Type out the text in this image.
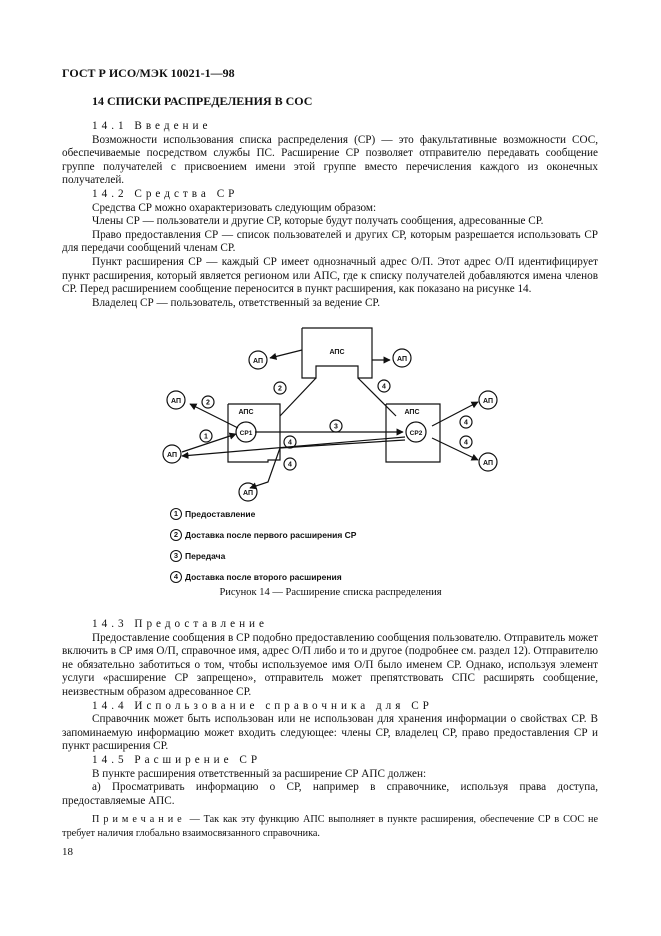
ГОСТ Р ИСО/МЭК 10021-1—98
14 СПИСКИ РАСПРЕДЕЛЕНИЯ В СОС

14.1 Введение

Возможности использования списка распределения (СР) — это факультативные возможности СОС, обеспечиваемые посредством службы ПС. Расширение СР позволяет отправителю передавать сообщение группе получателей с присвоением имени этой группе вместо перечисления каждого из оконечных получателей.

14.2 Средства СР

Средства СР можно охарактеризовать следующим образом:

Члены СР — пользователи и другие СР, которые будут получать сообщения, адресованные СР.

Право предоставления СР — список пользователей и других СР, которым разрешается использовать СР для передачи сообщений членам СР.

Пункт расширения СР — каждый СР имеет однозначный адрес О/П. Этот адрес О/П идентифицирует пункт расширения, который является регионом или АПС, где к списку получателей добавляются имена членов СР. Перед расширением сообщение переносится в пункт расширения, как показано на рисунке 14.

Владелец СР — пользователь, ответственный за ведение СР.

АПС
АПС	АПС
АП
АП
АП
АП	АП
АП
АП
СР1	СР2
2
1
2
3
4
4
4
4
4
1 Предоставление
2 Доставка после первого расширения СР
3 Передача
4 Доставка после второго расширения
Рисунок 14 — Расширение списка распределения

14.3 Предоставление

Предоставление сообщения в СР подобно предоставлению сообщения пользователю. Отправитель может включить в СР имя О/П, справочное имя, адрес О/П либо и то и другое (подробнее см. раздел 12). Отправителю не обязательно заботиться о том, чтобы используемое имя О/П было именем СР. Однако, используя элемент услуги «расширение СР запрещено», отправитель может препятствовать СПС расширять сообщение, неизвестным образом адресованное СР.

14.4 Использование справочника для СР

Справочник может быть использован или не использован для хранения информации о свойствах СР. В запоминаемую информацию может входить следующее: члены СР, владелец СР, право предоставления СР и пункт расширения СР.

14.5 Расширение СР

В пункте расширения ответственный за расширение СР АПС должен:

а) Просматривать информацию о СР, например в справочнике, используя права доступа, предоставляемые АПС.

Примечание — Так как эту функцию АПС выполняет в пункте расширения, обеспечение СР в СОС не требует наличия глобально взаимосвязанного справочника.
18
